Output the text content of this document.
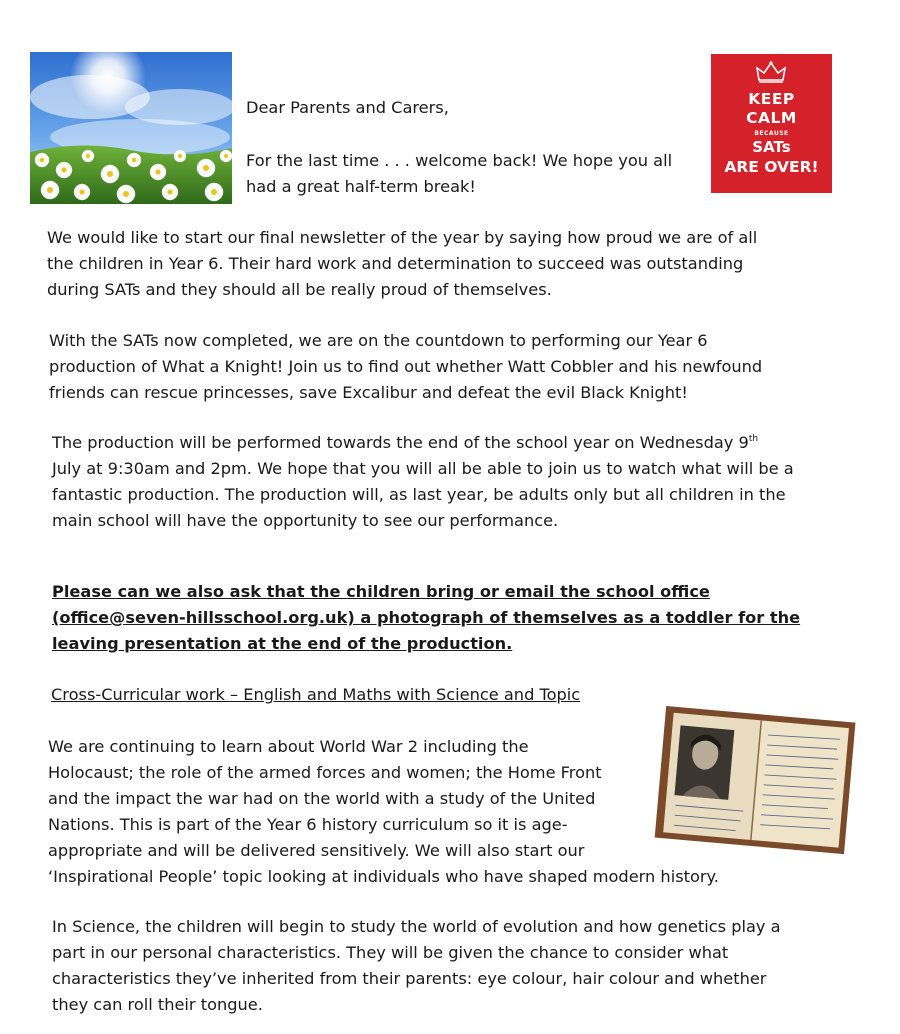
Dear Parents and Carers,

For the last time . . . welcome back! We hope you all
had a great half-term break!

KEEP
CALM
BECAUSE
SATs
ARE OVER!

We would like to start our final newsletter of the year by saying how proud we are of all
the children in Year 6. Their hard work and determination to succeed was outstanding
during SATs and they should all be really proud of themselves.

With the SATs now completed, we are on the countdown to performing our Year 6
production of What a Knight! Join us to find out whether Watt Cobbler and his newfound
friends can rescue princesses, save Excalibur and defeat the evil Black Knight!

The production will be performed towards the end of the school year on Wednesday 9th
July at 9:30am and 2pm. We hope that you will all be able to join us to watch what will be a
fantastic production. The production will, as last year, be adults only but all children in the
main school will have the opportunity to see our performance.

Please can we also ask that the children bring or email the school office
(office@seven-hillsschool.org.uk) a photograph of themselves as a toddler for the
leaving presentation at the end of the production.

Cross-Curricular work – English and Maths with Science and Topic

We are continuing to learn about World War 2 including the
Holocaust; the role of the armed forces and women; the Home Front
and the impact the war had on the world with a study of the United
Nations. This is part of the Year 6 history curriculum so it is age-
appropriate and will be delivered sensitively. We will also start our
‘Inspirational People’ topic looking at individuals who have shaped modern history.

In Science, the children will begin to study the world of evolution and how genetics play a
part in our personal characteristics. They will be given the chance to consider what
characteristics they’ve inherited from their parents: eye colour, hair colour and whether
they can roll their tongue.
